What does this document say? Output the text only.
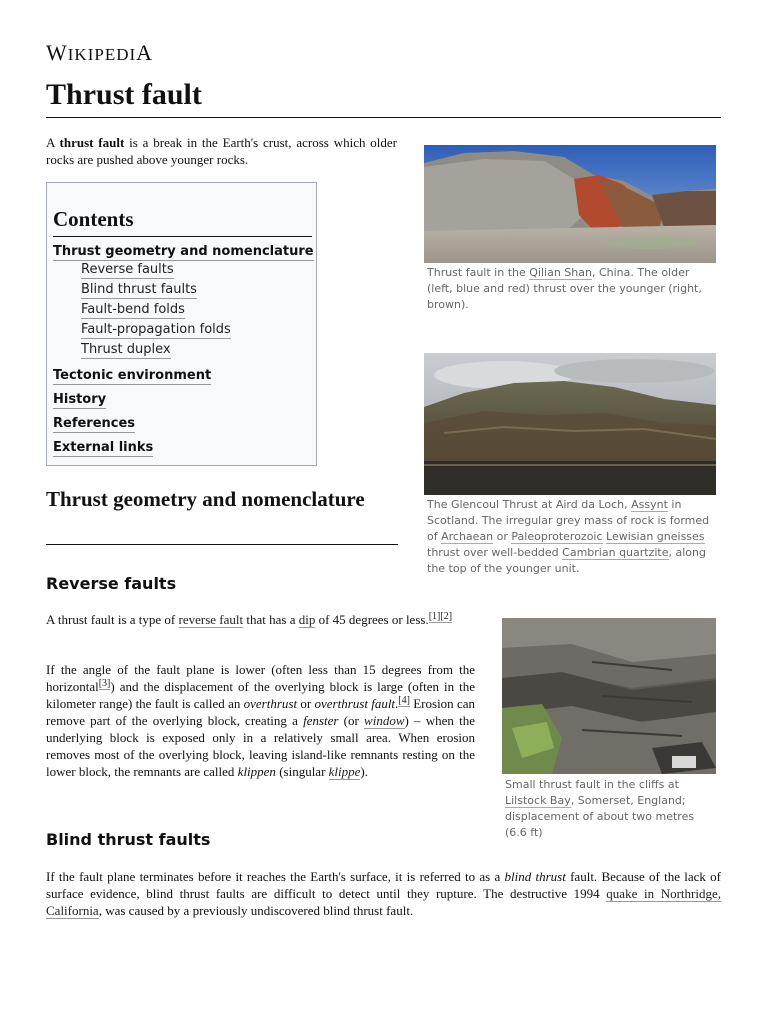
WIKIPEDIA
Thrust fault

A thrust fault is a break in the Earth's crust, across which older rocks are pushed above younger rocks.

Contents
Thrust geometry and nomenclature
Reverse faults
Blind thrust faults
Fault-bend folds
Fault-propagation folds
Thrust duplex
Tectonic environment
History
References
External links
Thrust geometry and nomenclature
Reverse faults

A thrust fault is a type of reverse fault that has a dip of 45 degrees or less.[1][2]

If the angle of the fault plane is lower (often less than 15 degrees from the horizontal[3]) and the displacement of the overlying block is large (often in the kilometer range) the fault is called an overthrust or overthrust fault.[4] Erosion can remove part of the overlying block, creating a fenster (or window) – when the underlying block is exposed only in a relatively small area. When erosion removes most of the overlying block, leaving island-like remnants resting on the lower block, the remnants are called klippen (singular klippe).

Blind thrust faults

If the fault plane terminates before it reaches the Earth's surface, it is referred to as a blind thrust fault. Because of the lack of surface evidence, blind thrust faults are difficult to detect until they rupture. The destructive 1994 quake in Northridge, California, was caused by a previously undiscovered blind thrust fault.

Thrust fault in the Qilian Shan, China. The older (left, blue and red) thrust over the younger (right, brown).

The Glencoul Thrust at Aird da Loch, Assynt in Scotland. The irregular grey mass of rock is formed of Archaean or Paleoproterozoic Lewisian gneisses thrust over well-bedded Cambrian quartzite, along the top of the younger unit.

Small thrust fault in the cliffs at Lilstock Bay, Somerset, England; displacement of about two metres (6.6 ft)
